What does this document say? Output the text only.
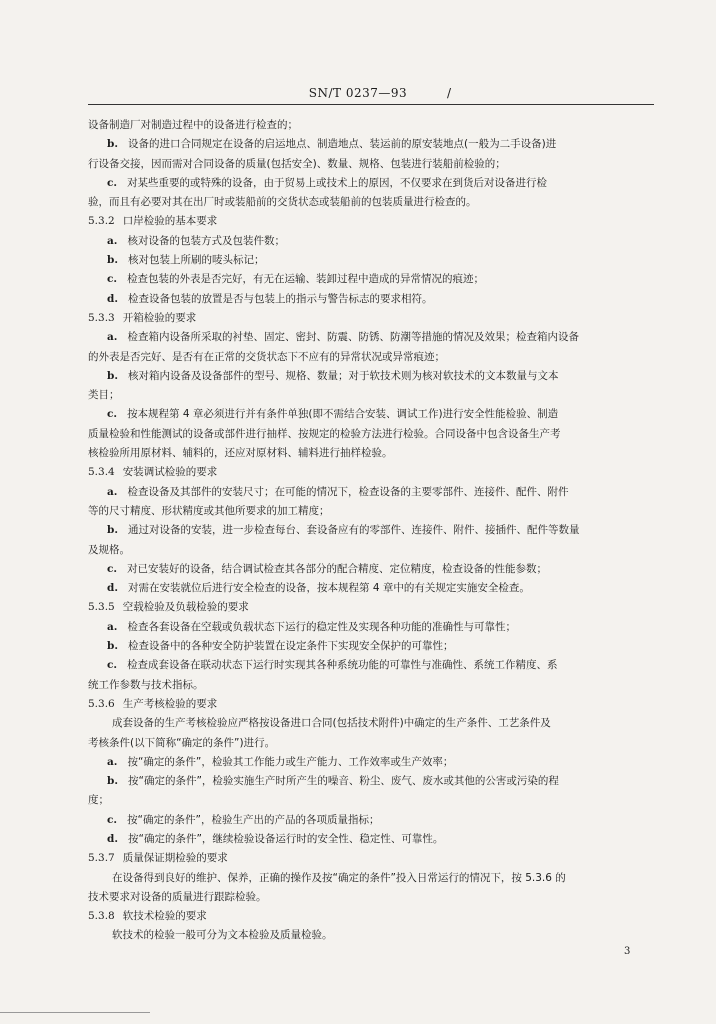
SN/T 0237—93	/
设备制造厂对制造过程中的设备进行检查的；
b. 设备的进口合同规定在设备的启运地点、制造地点、装运前的原安装地点(一般为二手设备)进
行设备交接，因而需对合同设备的质量(包括安全)、数量、规格、包装进行装船前检验的；
c. 对某些重要的或特殊的设备，由于贸易上或技术上的原因，不仅要求在到货后对设备进行检
验，而且有必要对其在出厂时或装船前的交货状态或装船前的包装质量进行检查的。
5.3.2 口岸检验的基本要求
a. 核对设备的包装方式及包装件数；
b. 核对包装上所刷的唛头标记；
c. 检查包装的外表是否完好，有无在运输、装卸过程中造成的异常情况的痕迹；
d. 检查设备包装的放置是否与包装上的指示与警告标志的要求相符。
5.3.3 开箱检验的要求
a. 检查箱内设备所采取的衬垫、固定、密封、防震、防锈、防潮等措施的情况及效果；检查箱内设备
的外表是否完好、是否有在正常的交货状态下不应有的异常状况或异常痕迹；
b. 核对箱内设备及设备部件的型号、规格、数量；对于软技术则为核对软技术的文本数量与文本
类目；
c. 按本规程第 4 章必须进行并有条件单独(即不需结合安装、调试工作)进行安全性能检验、制造
质量检验和性能测试的设备或部件进行抽样、按规定的检验方法进行检验。合同设备中包含设备生产考
核检验所用原材料、辅料的，还应对原材料、辅料进行抽样检验。
5.3.4 安装调试检验的要求
a. 检查设备及其部件的安装尺寸；在可能的情况下，检查设备的主要零部件、连接件、配件、附件
等的尺寸精度、形状精度或其他所要求的加工精度；
b. 通过对设备的安装，进一步检查每台、套设备应有的零部件、连接件、附件、接插件、配件等数量
及规格。
c. 对已安装好的设备，结合调试检查其各部分的配合精度、定位精度，检查设备的性能参数；
d. 对需在安装就位后进行安全检查的设备，按本规程第 4 章中的有关规定实施安全检查。
5.3.5 空载检验及负载检验的要求
a. 检查各套设备在空载或负载状态下运行的稳定性及实现各种功能的准确性与可靠性；
b. 检查设备中的各种安全防护装置在设定条件下实现安全保护的可靠性；
c. 检查成套设备在联动状态下运行时实现其各种系统功能的可靠性与准确性、系统工作精度、系
统工作参数与技术指标。
5.3.6 生产考核检验的要求
成套设备的生产考核检验应严格按设备进口合同(包括技术附件)中确定的生产条件、工艺条件及
考核条件(以下简称“确定的条件”)进行。
a. 按“确定的条件”，检验其工作能力或生产能力、工作效率或生产效率；
b. 按“确定的条件”，检验实施生产时所产生的噪音、粉尘、废气、废水或其他的公害或污染的程
度；
c. 按“确定的条件”，检验生产出的产品的各项质量指标；
d. 按“确定的条件”，继续检验设备运行时的安全性、稳定性、可靠性。
5.3.7 质量保证期检验的要求
在设备得到良好的维护、保养，正确的操作及按“确定的条件”投入日常运行的情况下，按 5.3.6 的
技术要求对设备的质量进行跟踪检验。
5.3.8 软技术检验的要求
软技术的检验一般可分为文本检验及质量检验。
3
